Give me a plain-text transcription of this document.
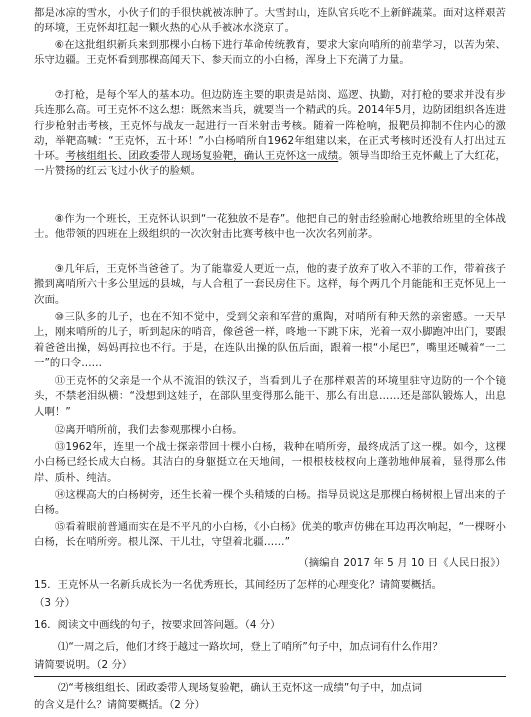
都是冰凉的雪水，小伙子们的手很快就被冻肿了。大雪封山，连队官兵吃不上新鲜蔬菜。面对这样艰苦的环境，王克怀却扛起一颗火热的心从手被冰水浇京了。

⑥在这批组织新兵来到那棵小白杨下进行革命传统教育，要求大家向哨所的前辈学习，以苦为荣、乐守边疆。王克怀看到那棵高闻天下、参天而立的小白杨，浑身上下充满了力量。

⑦打枪，是每个军人的基本功。但边防连主要的职责是站岗、巡逻、执勤，对打枪的要求并没有步兵连那么高。可王克怀不这么想：既然来当兵，就要当一个精武的兵。2014年5月，边防团组织各连进行步枪射击考核，王克怀与战友一起进行一百米射击考核。随着一阵枪响，报靶员抑制不住内心的激动，举靶高喊：“王克怀，五十环！”小白杨哨所自1962年组建以来，在正式考核时还没有人打出过五十环。考核组组长、团政委带人现场复验靶，确认王克怀这一成绩。领导当即给王克怀戴上了大红花，一片赞扬的红云飞过小伙子的脸颊。

⑧作为一个班长，王克怀认识到“一花独放不是春”。他把自己的射击经验耐心地教给班里的全体战士。他带领的四班在上级组织的一次次射击比赛考核中也一次次名列前茅。

⑨几年后，王克怀当爸爸了。为了能靠爱人更近一点，他的妻子放弃了收入不菲的工作，带着孩子搬到离哨所六十多公里远的县城，与人合租了一套民房住下。这样，每个两几个月能能和王克怀见上一次面。

⑩三队多的儿子，也在不知不觉中，受到父亲和军营的熏陶，对哨所有种天然的亲密感。一天早上，刚来哨所的儿子，听到起床的哨音，像爸爸一样，咚地一下跳下床，光着一双小脚跑冲出门，要跟着爸爸出操，妈妈再拉也不行。于是，在连队出操的队伍后面，跟着一根“小尾巴”，嘴里还喊着“一二一”的口令……

⑪王克怀的父亲是一个从不流泪的铁汉子，当看到儿子在那样艰苦的环境里驻守边防的一个个镜头，不禁老泪纵横：“没想到这娃子，在部队里变得那么能干、那么有出息……还是部队锻炼人，出息人啊！”

⑫离开哨所前，我们去参观那棵小白杨。

⑬1962年，连里一个战士探亲带回十棵小白杨，栽种在哨所旁，最终成活了这一棵。如今，这棵小白杨已经长成大白杨。其洁白的身躯挺立在天地间，一根根枝枝杈向上蓬勃地伸展着，显得那么伟岸、质朴、纯洁。

⑭这棵高大的白杨树旁，还生长着一棵个头稍矮的白杨。指导员说这是那棵白杨树根上冒出来的子白杨。

⑮看着眼前普通而实在是不平凡的小白杨，《小白杨》优美的歌声仿佛在耳边再次响起，“一棵呀小白杨，长在哨所旁。根儿深、干儿壮，守望着北疆……”

（摘编自 2017 年 5 月 10 日《人民日报》）

15．王克怀从一名新兵成长为一名优秀班长，其间经历了怎样的心理变化？请简要概括。

（3 分）

16．阅读文中画线的句子，按要求回答问题。（4 分）

⑴“一周之后，他们才终于越过一路坎坷，登上了哨所”句子中，加点词有什么作用？

请简要说明。（2 分）

⑵“考核组组长、团政委带人现场复验靶，确认王克怀这一成绩”句子中，加点词

的含义是什么？请简要概括。（2 分）
